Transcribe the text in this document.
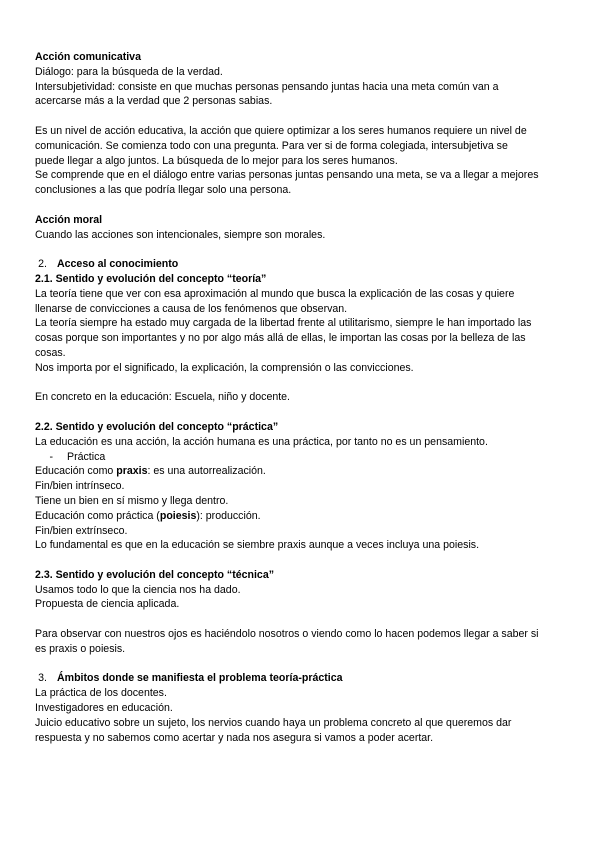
Acción comunicativa
Diálogo: para la búsqueda de la verdad.
Intersubjetividad: consiste en que muchas personas pensando juntas hacia una meta común van a
acercarse más a la verdad que 2 personas sabias.
Es un nivel de acción educativa, la acción que quiere optimizar a los seres humanos requiere un nivel de
comunicación. Se comienza todo con una pregunta. Para ver si de forma colegiada, intersubjetiva se
puede llegar a algo juntos. La búsqueda de lo mejor para los seres humanos.
Se comprende que en el diálogo entre varias personas juntas pensando una meta, se va a llegar a mejores
conclusiones a las que podría llegar solo una persona.
Acción moral
Cuando las acciones son intencionales, siempre son morales.
2. Acceso al conocimiento
2.1. Sentido y evolución del concepto “teoría”
La teoría tiene que ver con esa aproximación al mundo que busca la explicación de las cosas y quiere
llenarse de convicciones a causa de los fenómenos que observan.
La teoría siempre ha estado muy cargada de la libertad frente al utilitarismo, siempre le han importado las
cosas porque son importantes y no por algo más allá de ellas, le importan las cosas por la belleza de las
cosas.
Nos importa por el significado, la explicación, la comprensión o las convicciones.
En concreto en la educación: Escuela, niño y docente.
2.2. Sentido y evolución del concepto “práctica”
La educación es una acción, la acción humana es una práctica, por tanto no es un pensamiento.
- Práctica
Educación como praxis: es una autorrealización.
Fin/bien intrínseco.
Tiene un bien en sí mismo y llega dentro.
Educación como práctica (poiesis): producción.
Fin/bien extrínseco.
Lo fundamental es que en la educación se siembre praxis aunque a veces incluya una poiesis.
2.3. Sentido y evolución del concepto “técnica”
Usamos todo lo que la ciencia nos ha dado.
Propuesta de ciencia aplicada.
Para observar con nuestros ojos es haciéndolo nosotros o viendo como lo hacen podemos llegar a saber si
es praxis o poiesis.
3. Ámbitos donde se manifiesta el problema teoría-práctica
La práctica de los docentes.
Investigadores en educación.
Juicio educativo sobre un sujeto, los nervios cuando haya un problema concreto al que queremos dar
respuesta y no sabemos como acertar y nada nos asegura si vamos a poder acertar.
